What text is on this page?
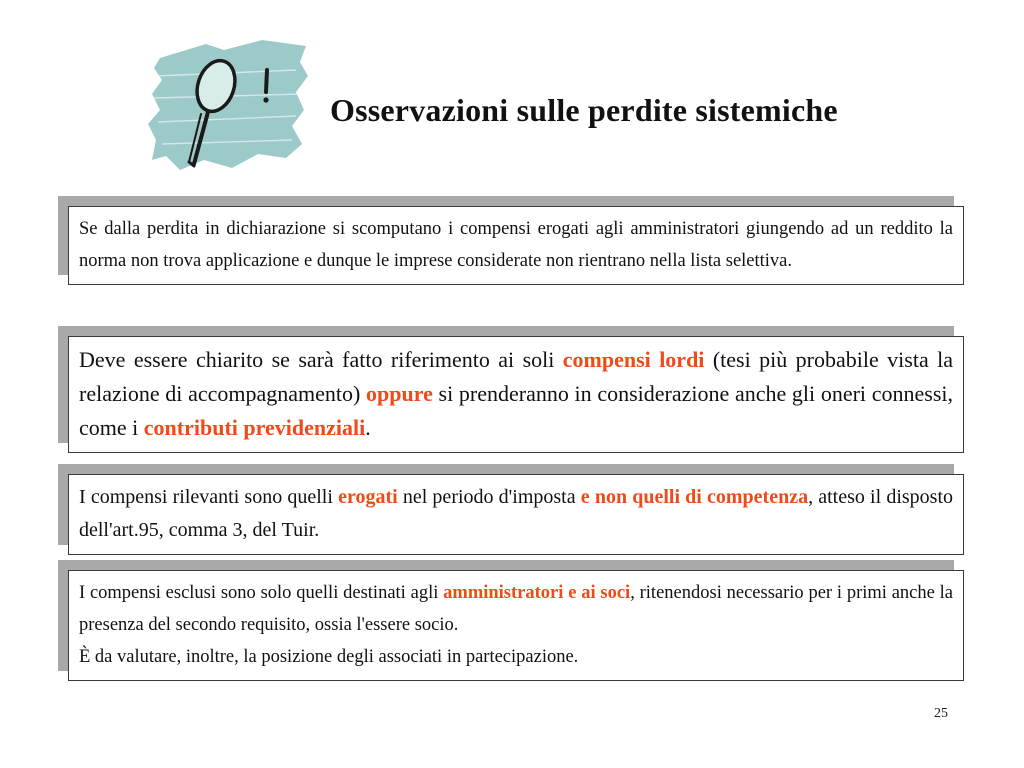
Osservazioni sulle perdite sistemiche

Se dalla perdita in dichiarazione si scomputano i compensi erogati agli amministratori giungendo ad un reddito la norma non trova applicazione e dunque le imprese considerate non rientrano nella lista selettiva.

Deve essere chiarito se sarà fatto riferimento ai soli compensi lordi (tesi più probabile vista la relazione di accompagnamento) oppure si prenderanno in considerazione anche gli oneri connessi, come i contributi previdenziali.

I compensi rilevanti sono quelli erogati nel periodo d'imposta e non quelli di competenza, atteso il disposto dell'art.95, comma 3, del Tuir.

I compensi esclusi sono solo quelli destinati agli amministratori e ai soci, ritenendosi necessario per i primi anche la presenza del secondo requisito, ossia l'essere socio.

È da valutare, inoltre, la posizione degli associati in partecipazione.

25
